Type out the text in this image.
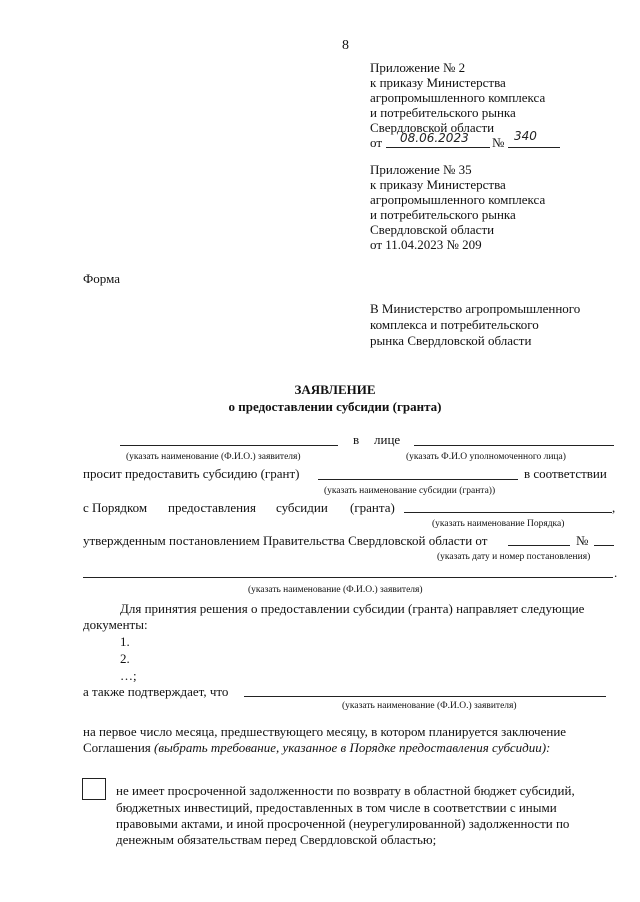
8
Приложение № 2
к приказу Министерства
агропромышленного комплекса
и потребительского рынка
Свердловской области
от 08.06.2023 № 340
Приложение № 35
к приказу Министерства
агропромышленного комплекса
и потребительского рынка
Свердловской области
от 11.04.2023 № 209
Форма
В Министерство агропромышленного
комплекса и потребительского
рынка Свердловской области
ЗАЯВЛЕНИЕ
о предоставлении субсидии (гранта)
в лице
(указать наименование (Ф.И.О.) заявителя)	(указать Ф.И.О уполномоченного лица)
просит предоставить субсидию (грант)	в соответствии
(указать наименование субсидии (гранта))
с Порядком предоставления субсидии (гранта)	,
(указать наименование Порядка)
утвержденным постановлением Правительства Свердловской области от	№
(указать дату и номер постановления)
.
(указать наименование (Ф.И.О.) заявителя)
Для принятия решения о предоставлении субсидии (гранта) направляет следующие
документы:
1.
2.
…;
а также подтверждает, что
(указать наименование (Ф.И.О.) заявителя)
на первое число месяца, предшествующего месяцу, в котором планируется заключение
Соглашения (выбрать требование, указанное в Порядке предоставления субсидии):
не имеет просроченной задолженности по возврату в областной бюджет субсидий,
бюджетных инвестиций, предоставленных в том числе в соответствии с иными
правовыми актами, и иной просроченной (неурегулированной) задолженности по
денежным обязательствам перед Свердловской областью;
